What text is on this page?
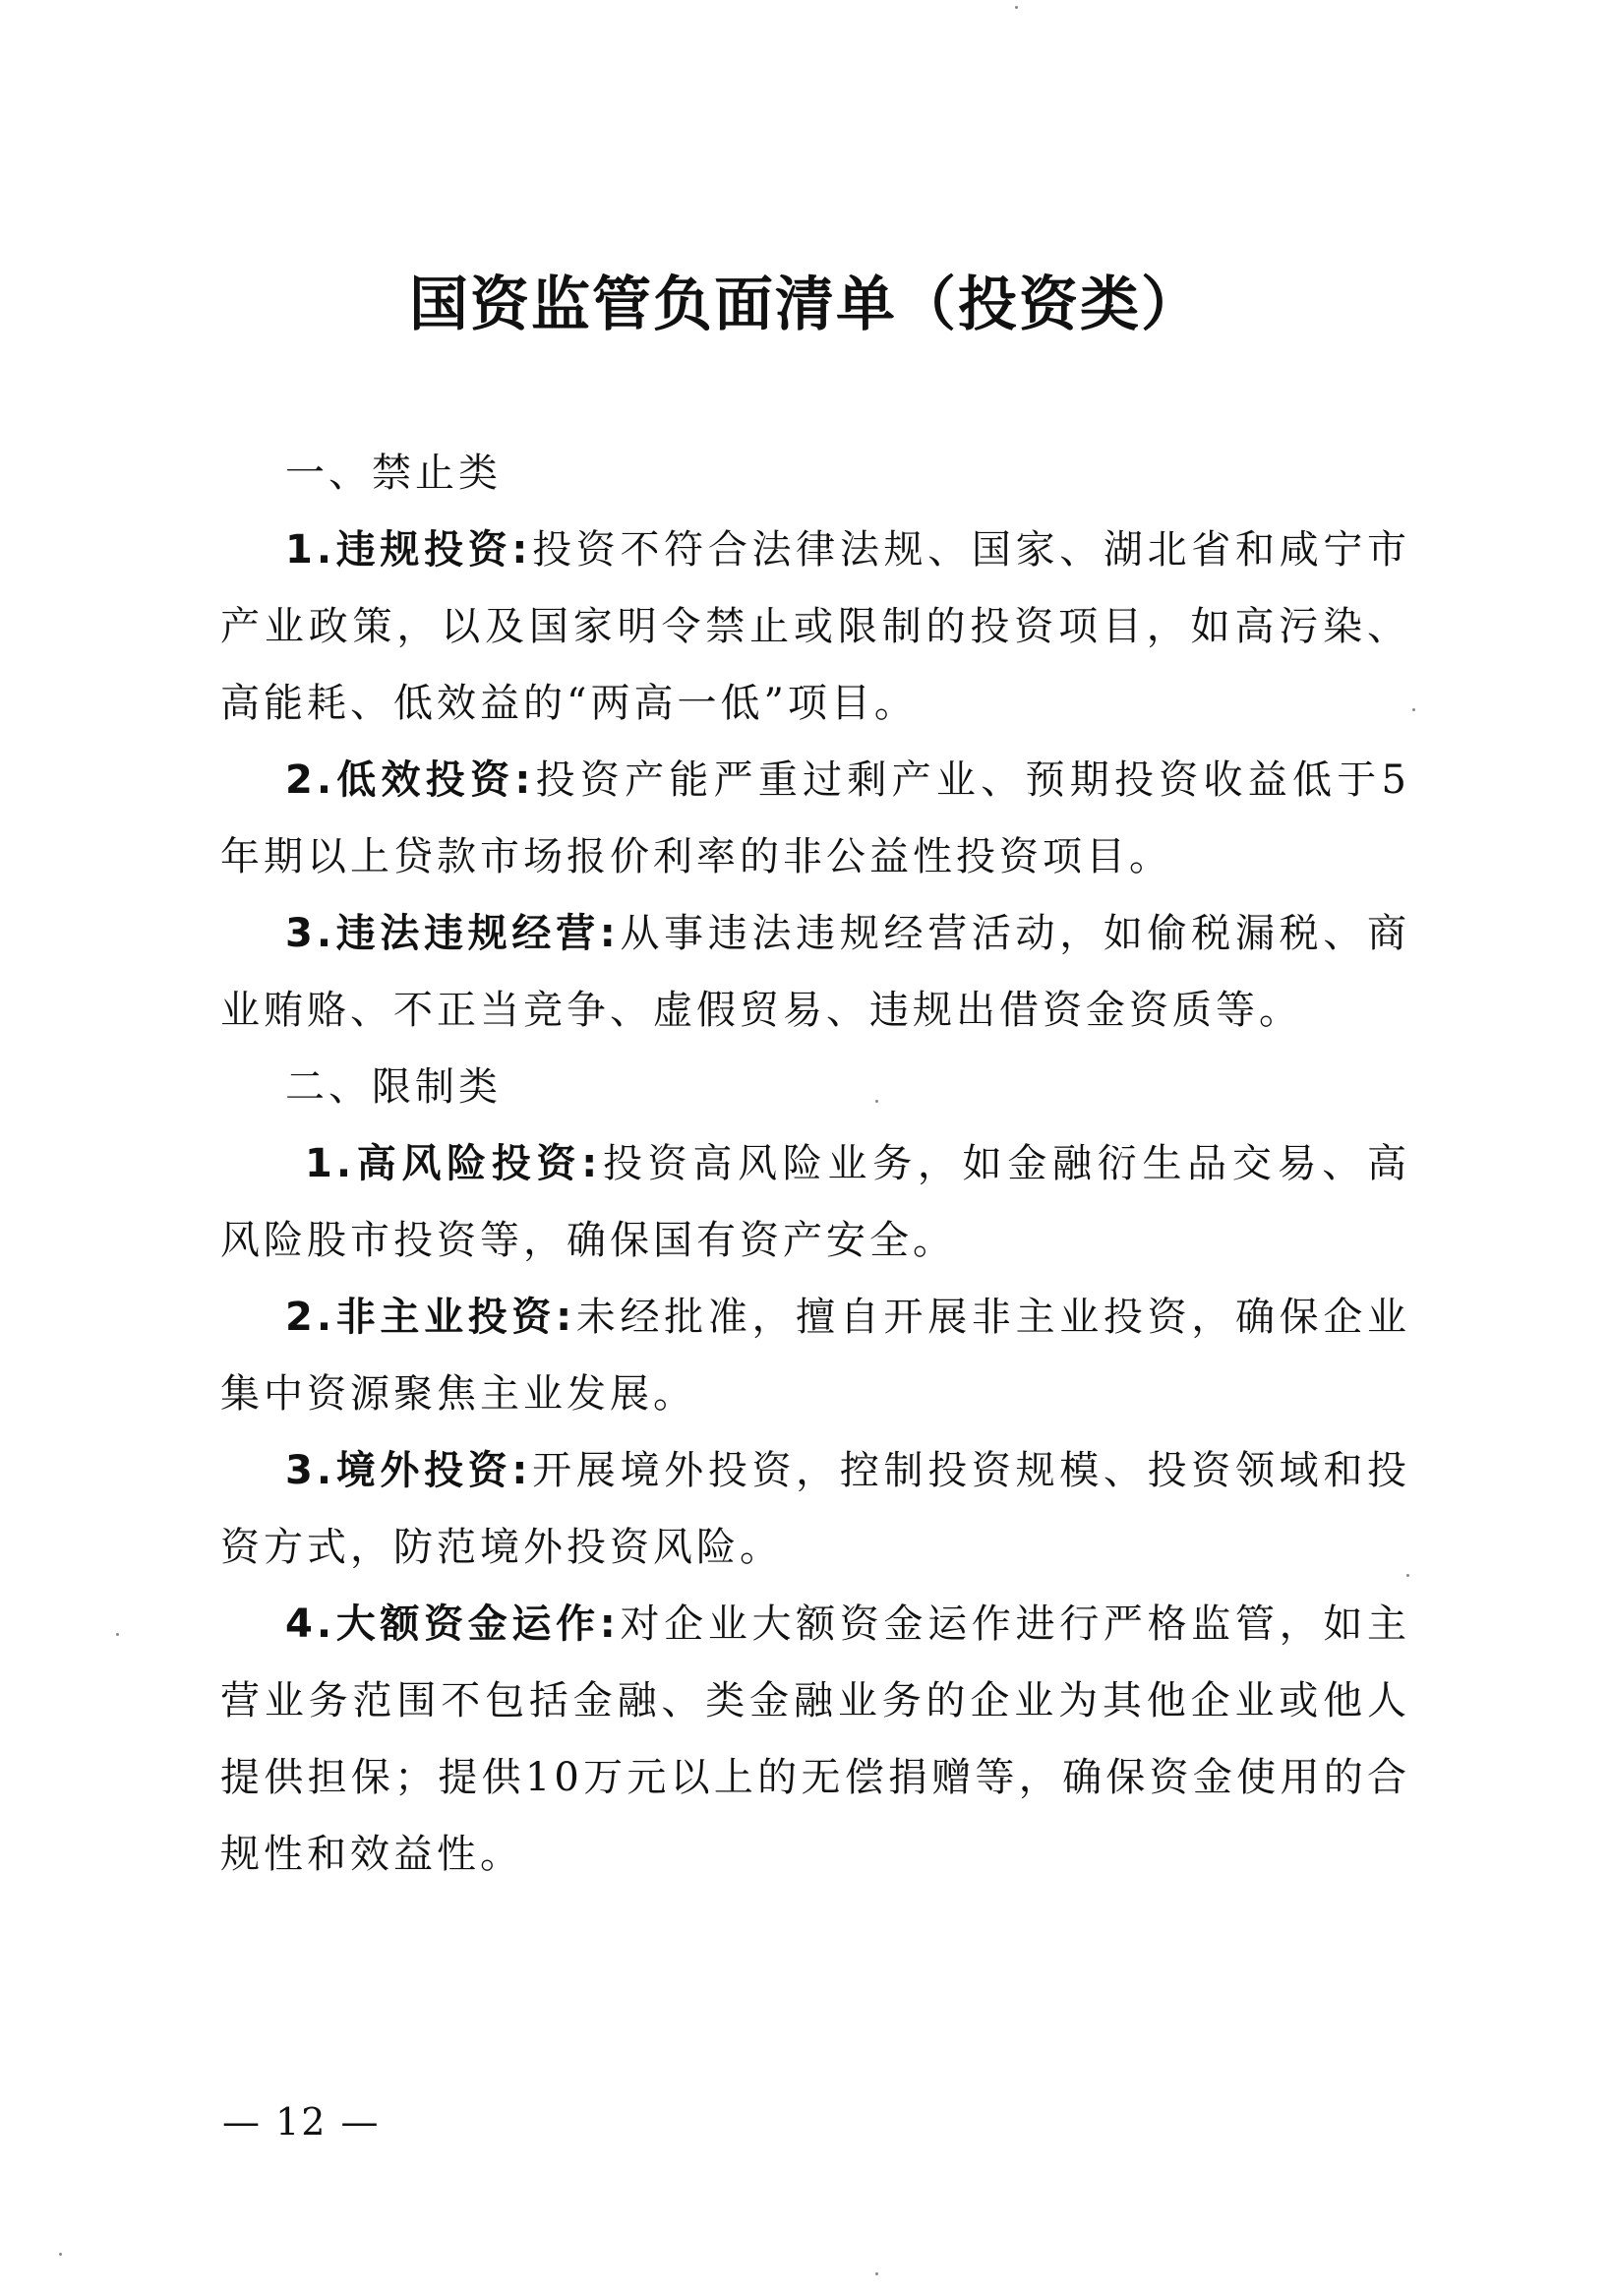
国资监管负面清单（投资类）
一、禁止类
1.违规投资:投资不符合法律法规、国家、湖北省和咸宁市产业政策，以及国家明令禁止或限制的投资项目，如高污染、高能耗、低效益的“两高一低”项目。
2.低效投资:投资产能严重过剩产业、预期投资收益低于5年期以上贷款市场报价利率的非公益性投资项目。
3.违法违规经营:从事违法违规经营活动，如偷税漏税、商业贿赂、不正当竞争、虚假贸易、违规出借资金资质等。
二、限制类
1.高风险投资:投资高风险业务，如金融衍生品交易、高风险股市投资等，确保国有资产安全。
2.非主业投资:未经批准，擅自开展非主业投资，确保企业集中资源聚焦主业发展。
3.境外投资:开展境外投资，控制投资规模、投资领域和投资方式，防范境外投资风险。
4.大额资金运作:对企业大额资金运作进行严格监管，如主营业务范围不包括金融、类金融业务的企业为其他企业或他人提供担保；提供10万元以上的无偿捐赠等，确保资金使用的合规性和效益性。
— 12 —
